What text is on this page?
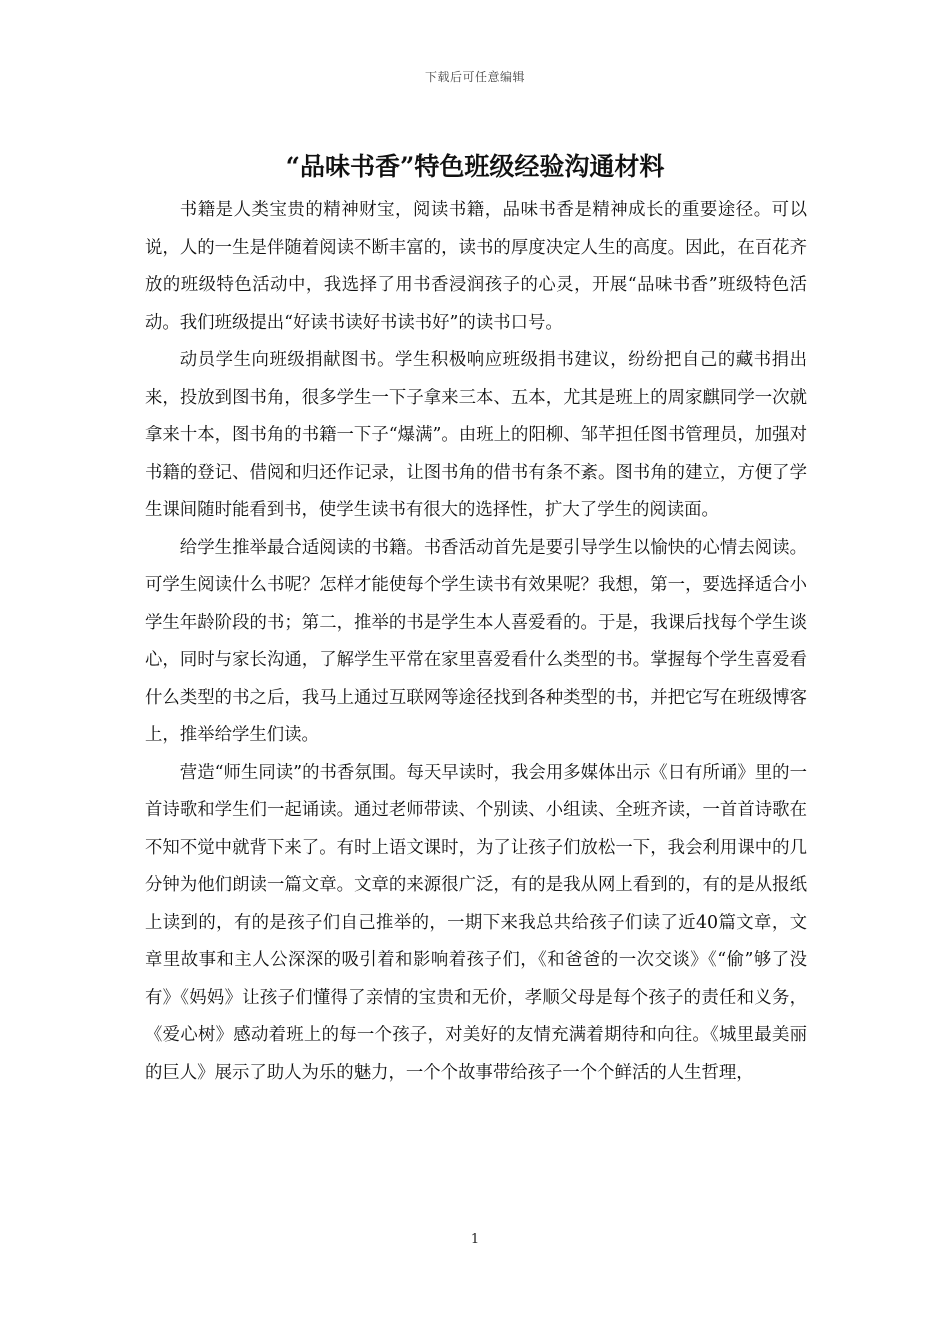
下载后可任意编辑
“品味书香”特色班级经验沟通材料

书籍是人类宝贵的精神财宝，阅读书籍，品味书香是精神成长的重要途径。可以说，人的一生是伴随着阅读不断丰富的，读书的厚度决定人生的高度。因此，在百花齐放的班级特色活动中，我选择了用书香浸润孩子的心灵，开展“品味书香”班级特色活动。我们班级提出“好读书读好书读书好”的读书口号。

动员学生向班级捐献图书。学生积极响应班级捐书建议，纷纷把自己的藏书捐出来，投放到图书角，很多学生一下子拿来三本、五本，尤其是班上的周家麒同学一次就拿来十本，图书角的书籍一下子“爆满”。由班上的阳柳、邹芊担任图书管理员，加强对书籍的登记、借阅和归还作记录，让图书角的借书有条不紊。图书角的建立，方便了学生课间随时能看到书，使学生读书有很大的选择性，扩大了学生的阅读面。

给学生推举最合适阅读的书籍。书香活动首先是要引导学生以愉快的心情去阅读。可学生阅读什么书呢？怎样才能使每个学生读书有效果呢？我想，第一，要选择适合小学生年龄阶段的书；第二，推举的书是学生本人喜爱看的。于是，我课后找每个学生谈心，同时与家长沟通，了解学生平常在家里喜爱看什么类型的书。掌握每个学生喜爱看什么类型的书之后，我马上通过互联网等途径找到各种类型的书，并把它写在班级博客上，推举给学生们读。

营造“师生同读”的书香氛围。每天早读时，我会用多媒体出示《日有所诵》里的一首诗歌和学生们一起诵读。通过老师带读、个别读、小组读、全班齐读，一首首诗歌在不知不觉中就背下来了。有时上语文课时，为了让孩子们放松一下，我会利用课中的几分钟为他们朗读一篇文章。文章的来源很广泛，有的是我从网上看到的，有的是从报纸上读到的，有的是孩子们自己推举的，一期下来我总共给孩子们读了近40篇文章，文章里故事和主人公深深的吸引着和影响着孩子们，《和爸爸的一次交谈》《“偷”够了没有》《妈妈》让孩子们懂得了亲情的宝贵和无价，孝顺父母是每个孩子的责任和义务，《爱心树》感动着班上的每一个孩子，对美好的友情充满着期待和向往。《城里最美丽的巨人》展示了助人为乐的魅力，一个个故事带给孩子一个个鲜活的人生哲理，

1
